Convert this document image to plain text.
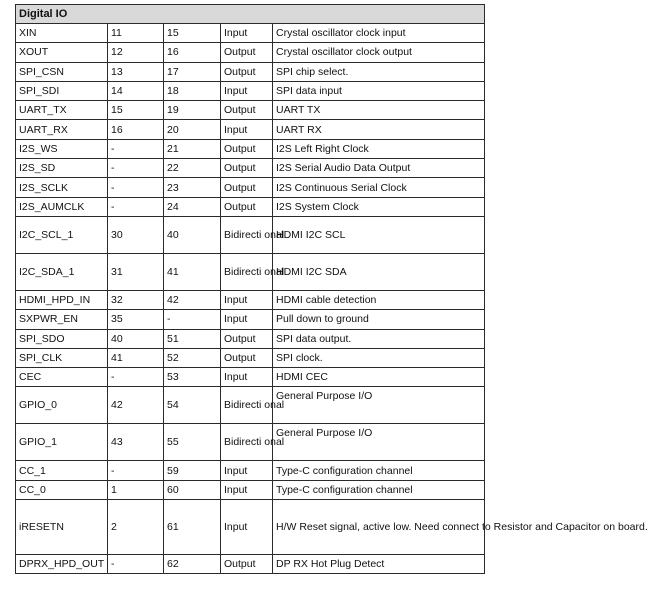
Digital IO				
XIN	11	15	Input	Crystal oscillator clock input
XOUT	12	16	Output	Crystal oscillator clock output
SPI_CSN	13	17	Output	SPI chip select.
SPI_SDI	14	18	Input	SPI data input
UART_TX	15	19	Output	UART TX
UART_RX	16	20	Input	UART RX
I2S_WS	-	21	Output	I2S Left Right Clock
I2S_SD	-	22	Output	I2S Serial Audio Data Output
I2S_SCLK	-	23	Output	I2S Continuous Serial Clock
I2S_AUMCLK	-	24	Output	I2S System Clock
I2C_SCL_1	30	40	Bidirecti onal	HDMI I2C SCL
I2C_SDA_1	31	41	Bidirecti onal	HDMI I2C SDA
HDMI_HPD_IN	32	42	Input	HDMI cable detection
SXPWR_EN	35	-	Input	Pull down to ground
SPI_SDO	40	51	Output	SPI data output.
SPI_CLK	41	52	Output	SPI clock.
CEC	-	53	Input	HDMI CEC
GPIO_0	42	54	Bidirecti onal	General Purpose I/O
GPIO_1	43	55	Bidirecti onal	General Purpose I/O
CC_1	-	59	Input	Type-C configuration channel
CC_0	1	60	Input	Type-C configuration channel
iRESETN	2	61	Input	H/W Reset signal, active low. Need connect to Resistor and Capacitor on board.
DPRX_HPD_OUT	-	62	Output	DP RX Hot Plug Detect
